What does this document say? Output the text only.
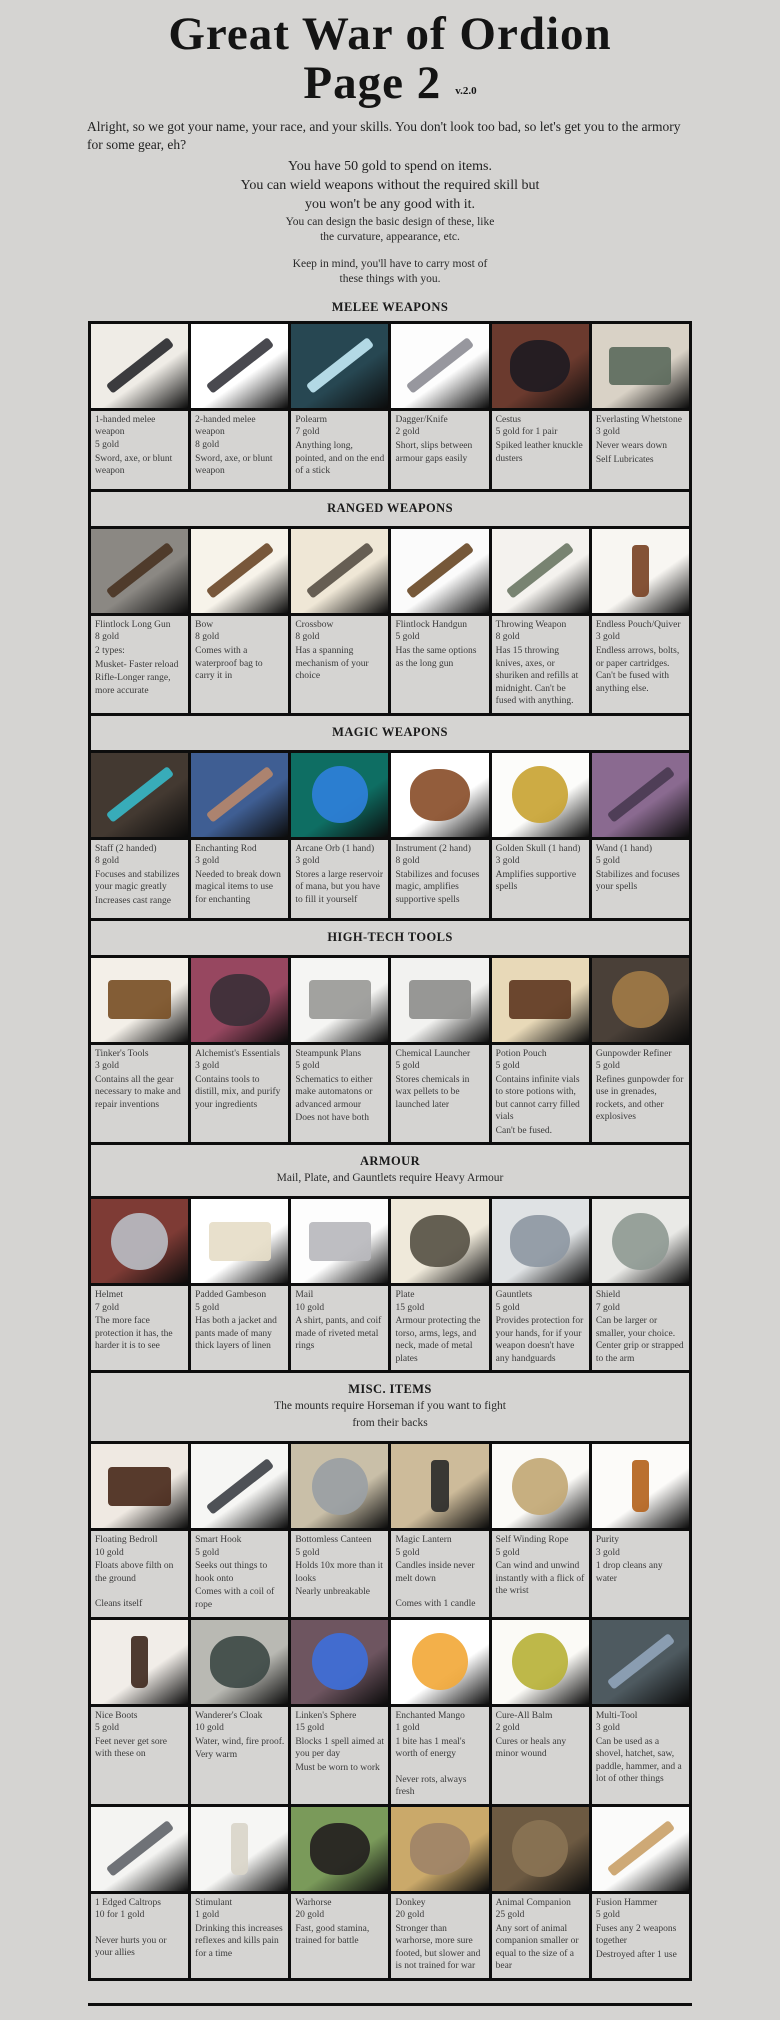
Great War of Ordion
Page 2 v.2.0

Alright, so we got your name, your race, and your skills. You don't look too bad, so let's get you to the armory for some gear, eh?

You have 50 gold to spend on items.
You can wield weapons without the required skill but
you won't be any good with it.
You can design the basic design of these, like
the curvature, appearance, etc.
Keep in mind, you'll have to carry most of
these things with you.
MELEE WEAPONS
1-handed melee weapon
5 gold
Sword, axe, or blunt weapon
2-handed melee weapon
8 gold
Sword, axe, or blunt weapon
Polearm
7 gold
Anything long, pointed, and on the end of a stick
Dagger/Knife
2 gold
Short, slips between armour gaps easily
Cestus
5 gold for 1 pair
Spiked leather knuckle dusters
Everlasting Whetstone
3 gold
Never wears down
Self Lubricates
RANGED WEAPONS
Flintlock Long Gun
8 gold
2 types:
Musket- Faster reload
Rifle-Longer range, more accurate
Bow
8 gold
Comes with a waterproof bag to carry it in
Crossbow
8 gold
Has a spanning mechanism of your choice
Flintlock Handgun
5 gold
Has the same options as the long gun
Throwing Weapon
8 gold
Has 15 throwing knives, axes, or shuriken and refills at midnight. Can't be fused with anything.
Endless Pouch/Quiver
3 gold
Endless arrows, bolts, or paper cartridges. Can't be fused with anything else.
MAGIC WEAPONS
Staff (2 handed)
8 gold
Focuses and stabilizes your magic greatly
Increases cast range
Enchanting Rod
3 gold
Needed to break down magical items to use for enchanting
Arcane Orb (1 hand)
3 gold
Stores a large reservoir of mana, but you have to fill it yourself
Instrument (2 hand)
8 gold
Stabilizes and focuses magic, amplifies supportive spells
Golden Skull (1 hand)
3 gold
Amplifies supportive spells
Wand (1 hand)
5 gold
Stabilizes and focuses your spells
HIGH-TECH TOOLS
Tinker's Tools
3 gold
Contains all the gear necessary to make and repair inventions
Alchemist's Essentials
3 gold
Contains tools to distill, mix, and purify your ingredients
Steampunk Plans
5 gold
Schematics to either make automatons or advanced armour
Does not have both
Chemical Launcher
5 gold
Stores chemicals in wax pellets to be launched later
Potion Pouch
5 gold
Contains infinite vials to store potions with, but cannot carry filled vials
Can't be fused.
Gunpowder Refiner
5 gold
Refines gunpowder for use in grenades, rockets, and other explosives
ARMOUR
Mail, Plate, and Gauntlets require Heavy Armour
Helmet
7 gold
The more face protection it has, the harder it is to see
Padded Gambeson
5 gold
Has both a jacket and pants made of many thick layers of linen
Mail
10 gold
A shirt, pants, and coif made of riveted metal rings
Plate
15 gold
Armour protecting the torso, arms, legs, and neck, made of metal plates
Gauntlets
5 gold
Provides protection for your hands, for if your weapon doesn't have any handguards
Shield
7 gold
Can be larger or smaller, your choice. Center grip or strapped to the arm
MISC. ITEMS
The mounts require Horseman if you want to fight
from their backs
Floating Bedroll
10 gold
Floats above filth on the ground
Cleans itself
Smart Hook
5 gold
Seeks out things to hook onto
Comes with a coil of rope
Bottomless Canteen
5 gold
Holds 10x more than it looks
Nearly unbreakable
Magic Lantern
5 gold
Candles inside never melt down
Comes with 1 candle
Self Winding Rope
5 gold
Can wind and unwind instantly with a flick of the wrist
Purity
3 gold
1 drop cleans any water
Nice Boots
5 gold
Feet never get sore with these on
Wanderer's Cloak
10 gold
Water, wind, fire proof.
Very warm
Linken's Sphere
15 gold
Blocks 1 spell aimed at you per day
Must be worn to work
Enchanted Mango
1 gold
1 bite has 1 meal's worth of energy
Never rots, always fresh
Cure-All Balm
2 gold
Cures or heals any minor wound
Multi-Tool
3 gold
Can be used as a shovel, hatchet, saw, paddle, hammer, and a lot of other things
1 Edged Caltrops
10 for 1 gold
Never hurts you or your allies
Stimulant
1 gold
Drinking this increases reflexes and kills pain for a time
Warhorse
20 gold
Fast, good stamina, trained for battle
Donkey
20 gold
Stronger than warhorse, more sure footed, but slower and is not trained for war
Animal Companion
25 gold
Any sort of animal companion smaller or equal to the size of a bear
Fusion Hammer
5 gold
Fuses any 2 weapons together
Destroyed after 1 use
